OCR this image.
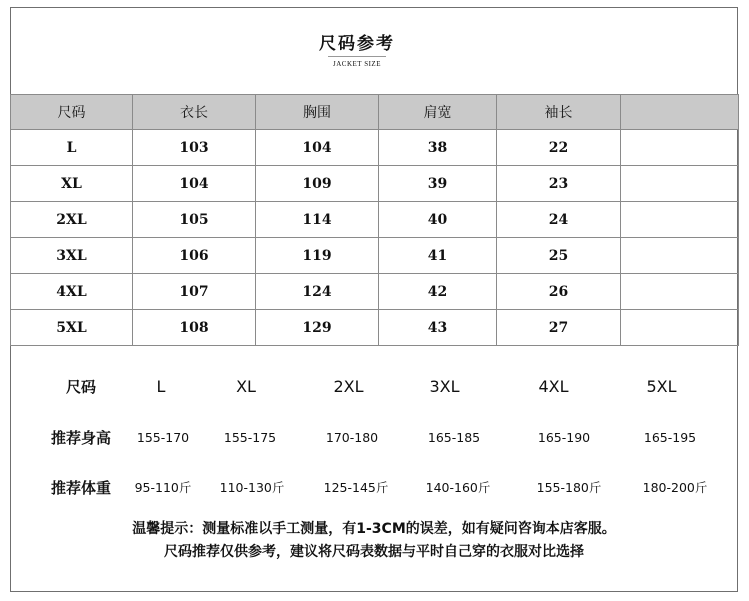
尺码参考
JACKET SIZE
尺码	衣长	胸围	肩宽	袖长	
L	103	104	38	22	
XL	104	109	39	23	
2XL	105	114	40	24	
3XL	106	119	41	25	
4XL	107	124	42	26	
5XL	108	129	43	27	
尺码	L	XL	2XL	3XL	4XL	5XL
推荐身高	155-170	155-175	170-180	165-185	165-190	165-195
推荐体重	95-110斤	110-130斤	125-145斤	140-160斤	155-180斤	180-200斤
温馨提示：测量标准以手工测量，有1-3CM的误差，如有疑问咨询本店客服。
尺码推荐仅供参考，建议将尺码表数据与平时自己穿的衣服对比选择
